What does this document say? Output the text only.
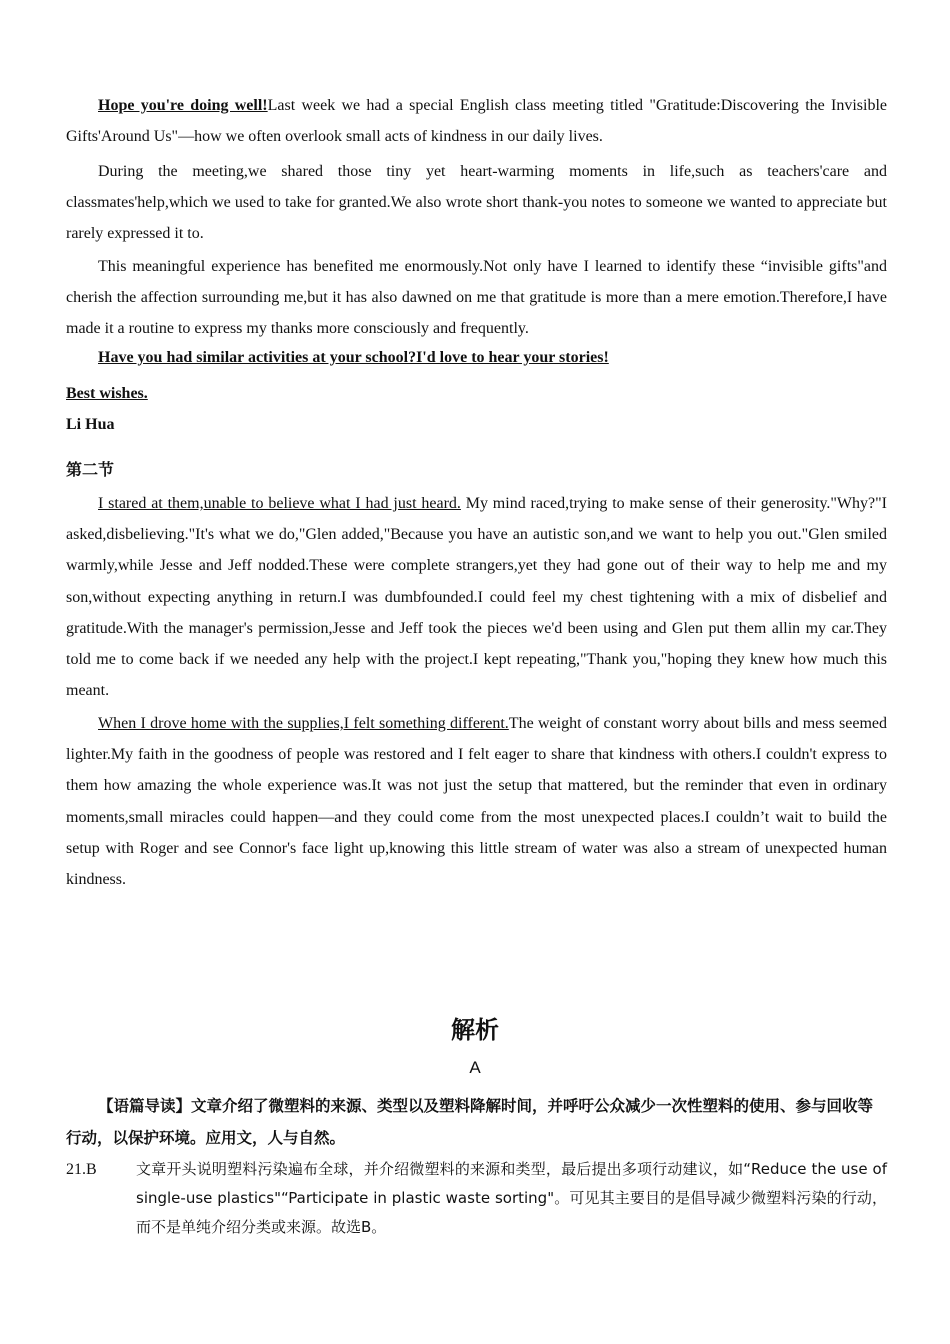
Hope you're doing well!Last week we had a special English class meeting titled "Gratitude:Discovering the Invisible Gifts'Around Us"—how we often overlook small acts of kindness in our daily lives.
During the meeting,we shared those tiny yet heart-warming moments in life,such as teachers'care and classmates'help,which we used to take for granted.We also wrote short thank-you notes to someone we wanted to appreciate but rarely expressed it to.
This meaningful experience has benefited me enormously.Not only have I learned to identify these “invisible gifts"and cherish the affection surrounding me,but it has also dawned on me that gratitude is more than a mere emotion.Therefore,I have made it a routine to express my thanks more consciously and frequently.
Have you had similar activities at your school?I'd love to hear your stories!
Best wishes.
Li Hua
第二节
I stared at them,unable to believe what I had just heard. My mind raced,trying to make sense of their generosity."Why?"I asked,disbelieving."It's what we do,"Glen added,"Because you have an autistic son,and we want to help you out."Glen smiled warmly,while Jesse and Jeff nodded.These were complete strangers,yet they had gone out of their way to help me and my son,without expecting anything in return.I was dumbfounded.I could feel my chest tightening with a mix of disbelief and gratitude.With the manager's permission,Jesse and Jeff took the pieces we'd been using and Glen put them allin my car.They told me to come back if we needed any help with the project.I kept repeating,"Thank you,"hoping they knew how much this meant.
When I drove home with the supplies,I felt something different.The weight of constant worry about bills and mess seemed lighter.My faith in the goodness of people was restored and I felt eager to share that kindness with others.I couldn't express to them how amazing the whole experience was.It was not just the setup that mattered, but the reminder that even in ordinary moments,small miracles could happen—and they could come from the most unexpected places.I couldn’t wait to build the setup with Roger and see Connor's face light up,knowing this little stream of water was also a stream of unexpected human kindness.
解析
A
【语篇导读】文章介绍了微塑料的来源、类型以及塑料降解时间，并呼吁公众减少一次性塑料的使用、参与回收等行动，以保护环境。应用文，人与自然。
21.B	文章开头说明塑料污染遍布全球，并介绍微塑料的来源和类型，最后提出多项行动建议，如“Reduce the use of single-use plastics"“Participate in plastic waste sorting"。可见其主要目的是倡导减少微塑料污染的行动，而不是单纯介绍分类或来源。故选B。
